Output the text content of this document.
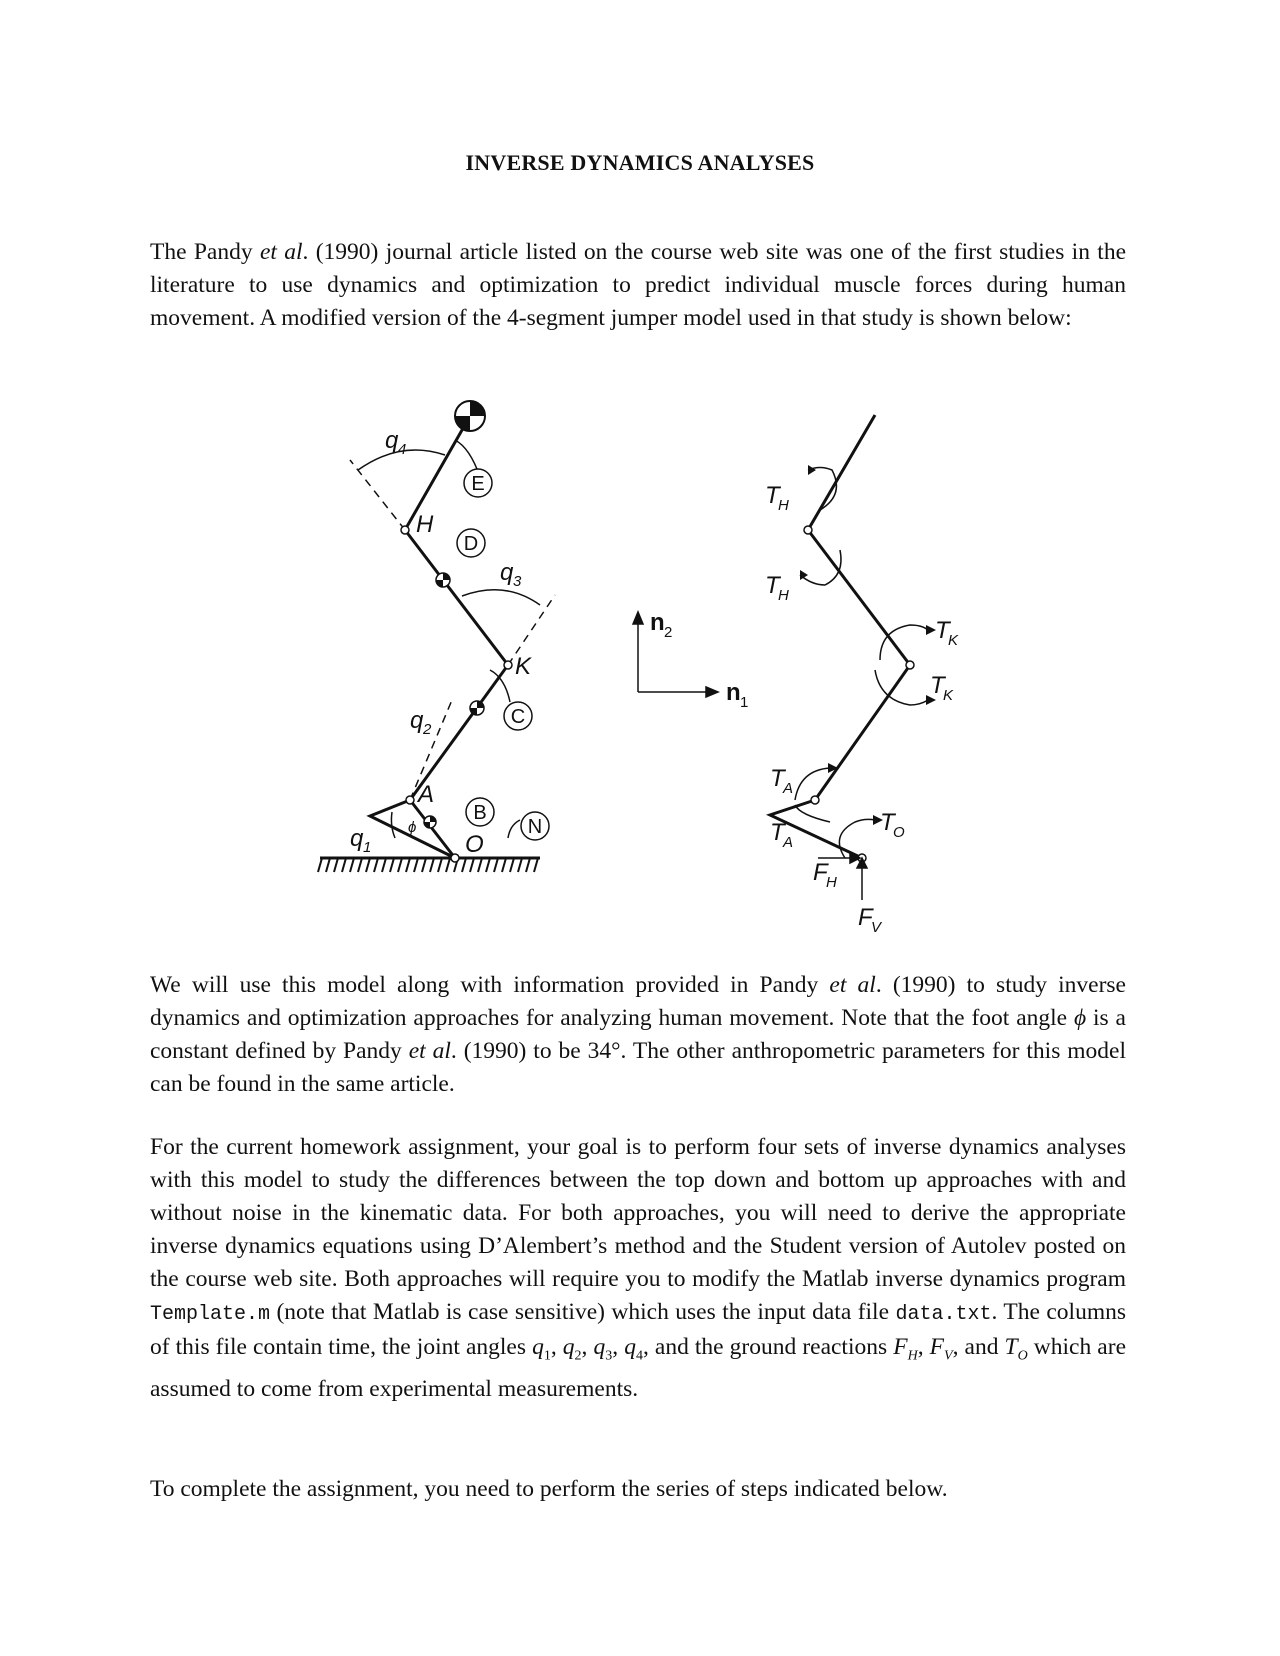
INVERSE DYNAMICS ANALYSES
The Pandy et al. (1990) journal article listed on the course web site was one of the first studies in the literature to use dynamics and optimization to predict individual muscle forces during human movement. A modified version of the 4-segment jumper model used in that study is shown below:
E
D
C
B
N
q 4
q 3
q 2
q 1
H
K
A
O
ϕ
n 2
n 1
T
H
T
H
T
K
T
K
T
A
T
A
T
O
F
H
F
V
We will use this model along with information provided in Pandy et al. (1990) to study inverse dynamics and optimization approaches for analyzing human movement. Note that the foot angle ϕ is a constant defined by Pandy et al. (1990) to be 34°. The other anthropometric parameters for this model can be found in the same article.
For the current homework assignment, your goal is to perform four sets of inverse dynamics analyses with this model to study the differences between the top down and bottom up approaches with and without noise in the kinematic data. For both approaches, you will need to derive the appropriate inverse dynamics equations using D’Alembert’s method and the Student version of Autolev posted on the course web site. Both approaches will require you to modify the Matlab inverse dynamics program Template.m (note that Matlab is case sensitive) which uses the input data file data.txt. The columns of this file contain time, the joint angles $q_1$, $q_2$, $q_3$, $q_4$, and the ground reactions $F_H$, $F_V$, and $T_O$ which are assumed to come from experimental measurements.
To complete the assignment, you need to perform the series of steps indicated below.
